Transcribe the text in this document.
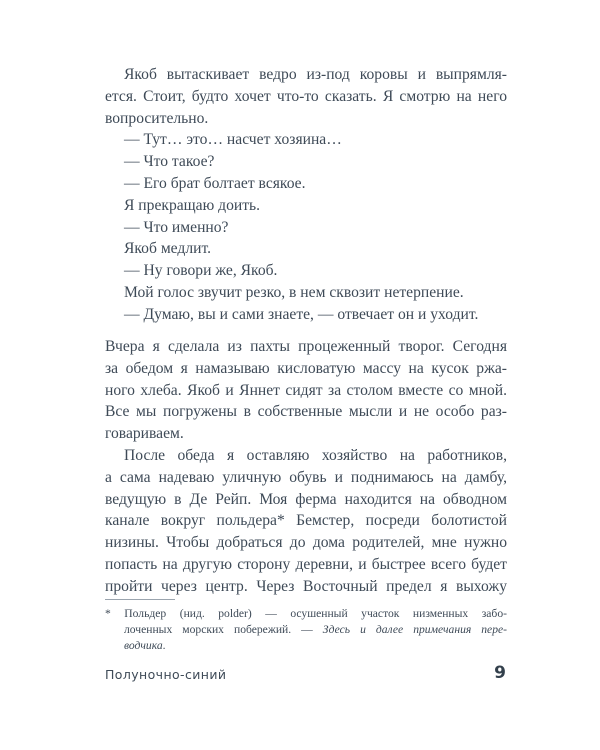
Якоб вытаскивает ведро из-под коровы и выпрямля-
ется. Стоит, будто хочет что-то сказать. Я смотрю на него
вопросительно.
— Тут… это… насчет хозяина…
— Что такое?
— Его брат болтает всякое.
Я прекращаю доить.
— Что именно?
Якоб медлит.
— Ну говори же, Якоб.
Мой голос звучит резко, в нем сквозит нетерпение.
— Думаю, вы и сами знаете, — отвечает он и уходит.
Вчера я сделала из пахты процеженный творог. Сегодня
за обедом я намазываю кисловатую массу на кусок ржа-
ного хлеба. Якоб и Яннет сидят за столом вместе со мной.
Все мы погружены в собственные мысли и не особо раз-
говариваем.
После обеда я оставляю хозяйство на работников,
а сама надеваю уличную обувь и поднимаюсь на дамбу,
ведущую в Де Рейп. Моя ферма находится на обводном
канале вокруг польдера* Бемстер, посреди болотистой
низины. Чтобы добраться до дома родителей, мне нужно
попасть на другую сторону деревни, и быстрее всего будет
пройти через центр. Через Восточный предел я выхожу
* Польдер (нид. polder) — осушенный участок низменных забо-
лоченных морских побережий. — Здесь и далее примечания пере-
водчика.
Полуночно-синий	9
